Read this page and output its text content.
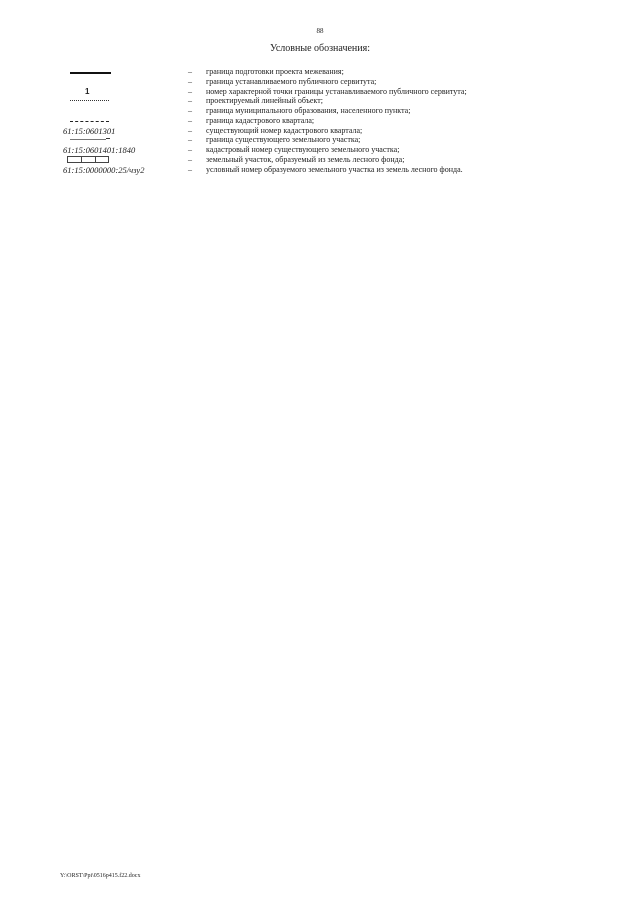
88
Условные обозначения:
– граница подготовки проекта межевания;
– граница устанавливаемого публичного сервитута;
1	– номер характерной точки границы устанавливаемого публичного сервитута;
– проектируемый линейный объект;
– граница муниципального образования, населенного пункта;
– граница кадастрового квартала;
61:15:0601301	– существующий номер кадастрового квартала;
– граница существующего земельного участка;
61:15:0601401:1840	– кадастровый номер существующего земельного участка;
– земельный участок, образуемый из земель лесного фонда;
61:15:0000000:25/чзу2	– условный номер образуемого земельного участка из земель лесного фонда.
Y:\ORST\Ppi\0516p415.f22.docx
